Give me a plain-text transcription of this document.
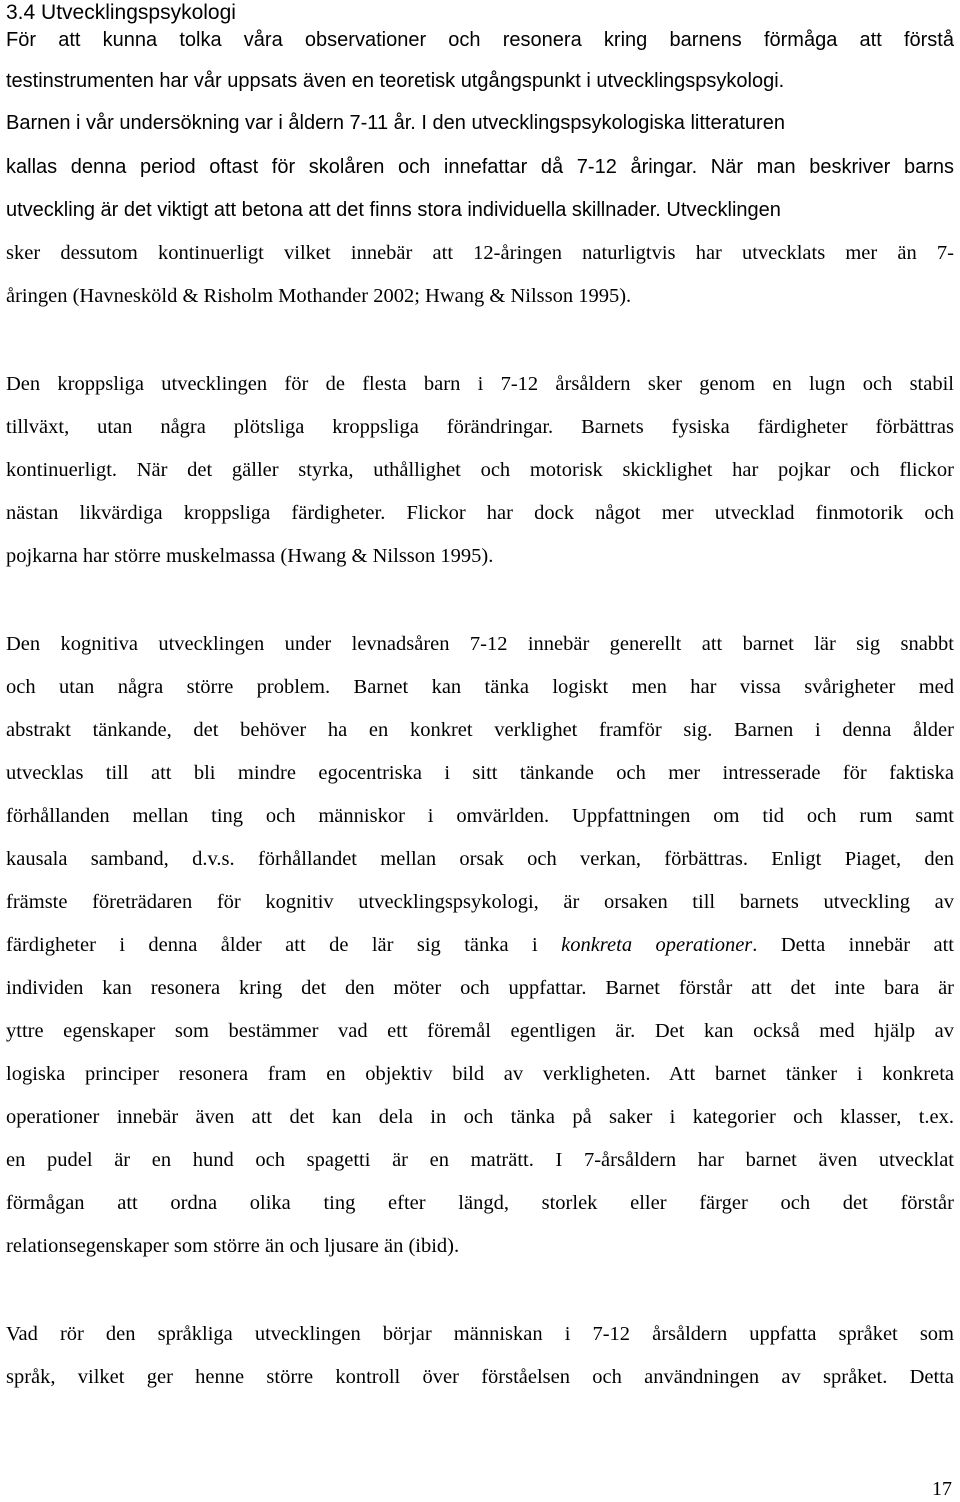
3.4 Utvecklingspsykologi
För att kunna tolka våra observationer och resonera kring barnens förmåga att förstå
testinstrumenten har vår uppsats även en teoretisk utgångspunkt i utvecklingspsykologi.
Barnen i vår undersökning var i åldern 7-11 år. I den utvecklingspsykologiska litteraturen
kallas denna period oftast för skolåren och innefattar då 7-12 åringar. När man beskriver barns
utveckling är det viktigt att betona att det finns stora individuella skillnader. Utvecklingen
sker dessutom kontinuerligt vilket innebär att 12-åringen naturligtvis har utvecklats mer än 7-
åringen (Havnesköld & Risholm Mothander 2002; Hwang & Nilsson 1995).
Den kroppsliga utvecklingen för de flesta barn i 7-12 årsåldern sker genom en lugn och stabil
tillväxt, utan några plötsliga kroppsliga förändringar. Barnets fysiska färdigheter förbättras
kontinuerligt. När det gäller styrka, uthållighet och motorisk skicklighet har pojkar och flickor
nästan likvärdiga kroppsliga färdigheter. Flickor har dock något mer utvecklad finmotorik och
pojkarna har större muskelmassa (Hwang & Nilsson 1995).
Den kognitiva utvecklingen under levnadsåren 7-12 innebär generellt att barnet lär sig snabbt
och utan några större problem. Barnet kan tänka logiskt men har vissa svårigheter med
abstrakt tänkande, det behöver ha en konkret verklighet framför sig. Barnen i denna ålder
utvecklas till att bli mindre egocentriska i sitt tänkande och mer intresserade för faktiska
förhållanden mellan ting och människor i omvärlden. Uppfattningen om tid och rum samt
kausala samband, d.v.s. förhållandet mellan orsak och verkan, förbättras. Enligt Piaget, den
främste företrädaren för kognitiv utvecklingspsykologi, är orsaken till barnets utveckling av
färdigheter i denna ålder att de lär sig tänka i konkreta operationer. Detta innebär att
individen kan resonera kring det den möter och uppfattar. Barnet förstår att det inte bara är
yttre egenskaper som bestämmer vad ett föremål egentligen är. Det kan också med hjälp av
logiska principer resonera fram en objektiv bild av verkligheten. Att barnet tänker i konkreta
operationer innebär även att det kan dela in och tänka på saker i kategorier och klasser, t.ex.
en pudel är en hund och spagetti är en maträtt. I 7-årsåldern har barnet även utvecklat
förmågan att ordna olika ting efter längd, storlek eller färger och det förstår
relationsegenskaper som större än och ljusare än (ibid).
Vad rör den språkliga utvecklingen börjar människan i 7-12 årsåldern uppfatta språket som
språk, vilket ger henne större kontroll över förståelsen och användningen av språket. Detta
17
